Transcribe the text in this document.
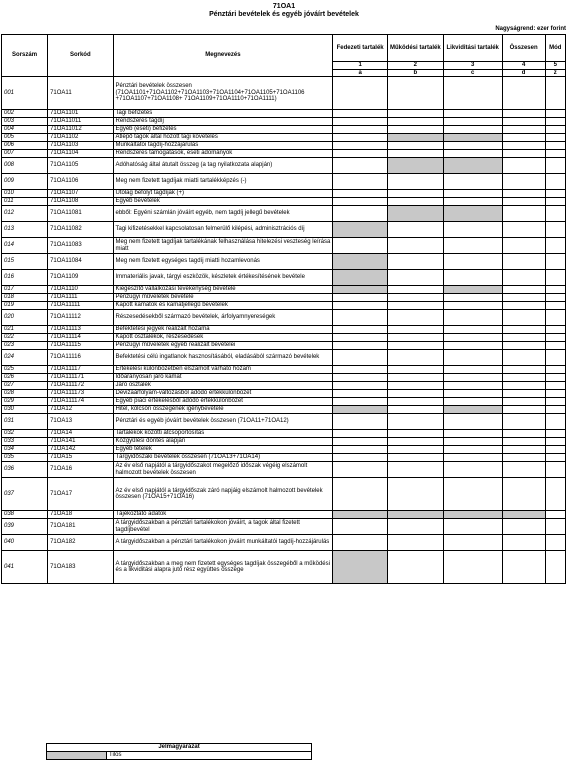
71OA1
Pénztári bevételek és egyéb jóváírt bevételek
Nagyságrend: ezer forint
Sorszám	Sorkód	Megnevezés	Fedezeti tartalék	Működési tartalék	Likviditási tartalék	Összesen	Mód
			1	2	3	4	5
			a	b	c	d	z
001	71OA11	Pénztári bevételek összesen (71OA1101+71OA1102+71OA1103+71OA1104+71OA1105+71OA1106 +71OA1107+71OA1108+ 71OA1109+71OA1110+71OA1111)					
002	71OA1101	Tagi befizetés					
003	71OA11011	Rendszeres tagdíj					
004	71OA11012	Egyéb (eseti) befizetés					
005	71OA1102	Átlépő tagok által hozott tagi követelés					
006	71OA1103	Munkáltatói tagdíj-hozzájárulás					
007	71OA1104	Rendszeres támogatások, eseti adományok					
008	71OA1105	Adóhatóság által átutalt összeg (a tag nyilatkozata alapján)					
009	71OA1106	Meg nem fizetett tagdíjak miatti tartalékképzés (-)					
010	71OA1107	Utólag befolyt tagdíjak (+)					
011	71OA1108	Egyéb bevételek					
012	71OA11081	ebből: Egyéni számlán jóváírt egyéb, nem tagdíj jellegű bevételek					
013	71OA11082	Tagi kifizetésekkel kapcsolatosan felmerülő kilépési, adminisztrációs díj					
014	71OA11083	Meg nem fizetett tagdíjak tartalékának felhasználása hitelezési veszteség leírása miatt					
015	71OA11084	Meg nem fizetett egységes tagdíj miatti hozamlevonás					
016	71OA1109	Immateriális javak, tárgyi eszközök, készletek értékesítésének bevétele					
017	71OA1110	Kiegészítő vállalkozási tevékenység bevétele					
018	71OA1111	Pénzügyi műveletek bevétele					
019	71OA11111	Kapott kamatok és kamatjellegű bevételek					
020	71OA11112	Részesedésekből származó bevételek, árfolyamnyereségek					
021	71OA11113	Befektetési jegyek realizált hozama					
022	71OA11114	Kapott osztalékok, részesedések					
023	71OA11115	Pénzügyi műveletek egyéb realizált bevételei					
024	71OA11116	Befektetési célú ingatlanok hasznosításából, eladásából származó bevételek					
025	71OA11117	Értékelési különbözetben elszámolt várható hozam					
026	71OA111171	Időarányosan járó kamat					
027	71OA111172	Járó osztalék					
028	71OA111173	Devizaárfolyam-változásból adódó értékkülönbözet					
029	71OA111174	Egyéb piaci értékelésből adódó értékkülönbözet					
030	71OA12	Hitel, kölcsön összegének igénybevétele					
031	71OA13	Pénztári és egyéb jóváírt bevételek összesen (71OA11+71OA12)					
032	71OA14	Tartalékok közötti átcsoportosítás					
033	71OA141	Közgyűlési döntés alapján					
034	71OA142	Egyéb tételek					
035	71OA15	Tárgyidőszaki bevételek összesen (71OA13+71OA14)					
036	71OA16	Az év első napjától a tárgyidőszakot megelőző időszak végéig elszámolt halmozott bevételek összesen					
037	71OA17	Az év első napjától a tárgyidőszak záró napjáig elszámolt halmozott bevételek összesen (71OA15+71OA16)					
038	71OA18	Tájékoztató adatok					
039	71OA181	A tárgyidőszakban a pénztári tartalékokon jóváírt, a tagok által fizetett tagdíjbevétel					
040	71OA182	A tárgyidőszakban a pénztári tartalékokon jóváírt munkáltatói tagdíj-hozzájárulás					
041	71OA183	A tárgyidőszakban a meg nem fizetett egységes tagdíjak összegéből a működési és a likviditási alapra jutó rész együttes összege					
Jelmagyarázat
	Tilos
